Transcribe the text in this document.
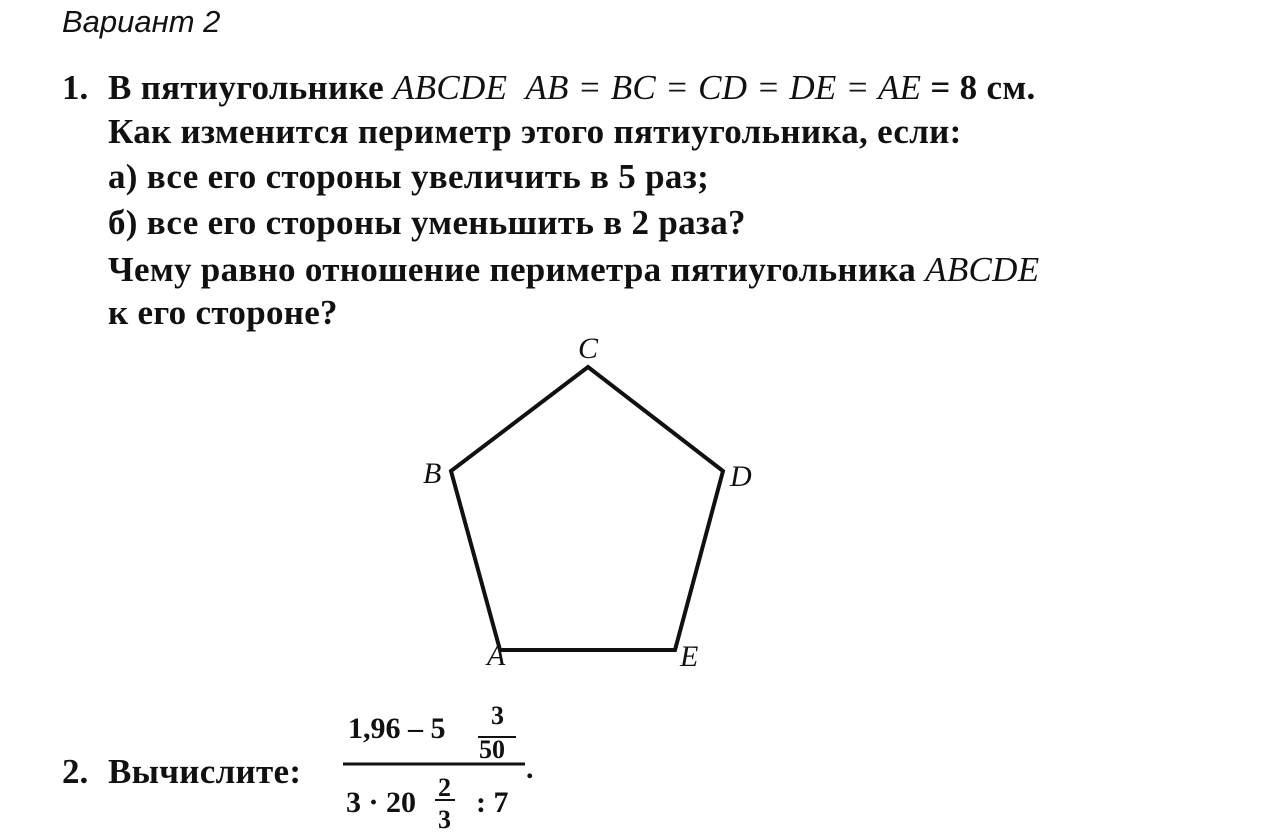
Вариант 2
1. В пятиугольнике ABCDE AB = BC = CD = DE = AE = 8 см.
Как изменится периметр этого пятиугольника, если:
а) все его стороны увеличить в 5 раз;
б) все его стороны уменьшить в 2 раза?
Чему равно отношение периметра пятиугольника ABCDE
к его стороне?
A
B
C
D
E
2. Вычислите:
1,96 – 5 3
50
3 · 20 2
3
: 7
.
